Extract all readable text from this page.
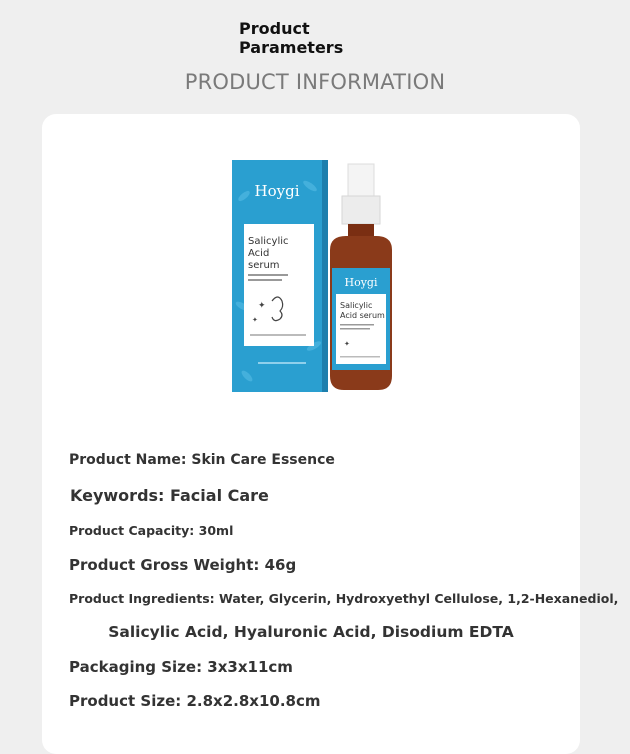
Product
Parameters
PRODUCT INFORMATION
Hoygi
Salicylic
Acid
serum
✦
✦
Hoygi
Salicylic
Acid serum
✦
Product Name: Skin Care Essence
Keywords: Facial Care
Product Capacity: 30ml
Product Gross Weight: 46g
Product Ingredients: Water, Glycerin, Hydroxyethyl Cellulose, 1,2-Hexanediol,
Salicylic Acid, Hyaluronic Acid, Disodium EDTA
Packaging Size: 3x3x11cm
Product Size: 2.8x2.8x10.8cm
